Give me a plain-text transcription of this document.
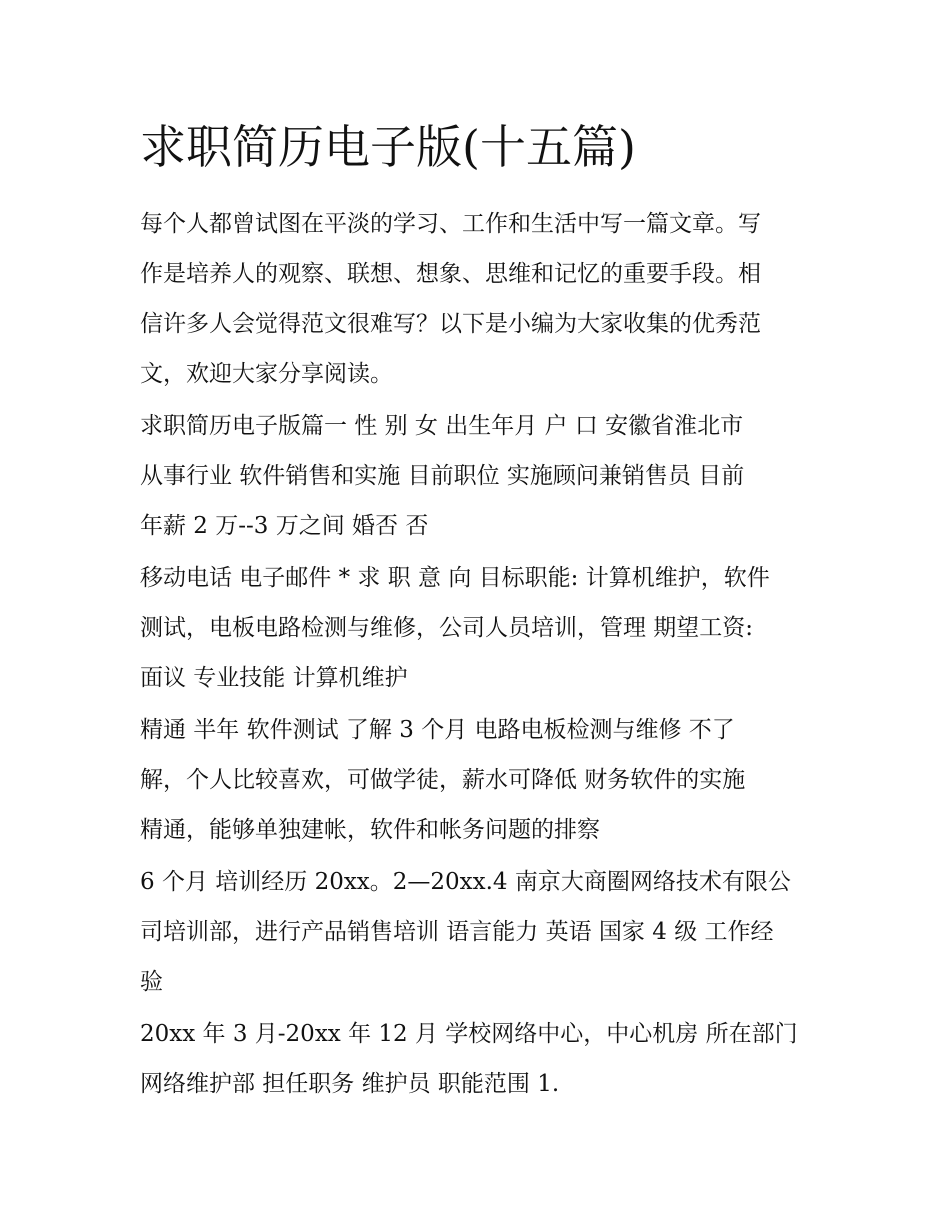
求职简历电子版(十五篇)

每个人都曾试图在平淡的学习、工作和生活中写一篇文章。写

作是培养人的观察、联想、想象、思维和记忆的重要手段。相

信许多人会觉得范文很难写？以下是小编为大家收集的优秀范

文，欢迎大家分享阅读。

求职简历电子版篇一 性 别 女 出生年月 户 口 安徽省淮北市

从事行业 软件销售和实施 目前职位 实施顾问兼销售员 目前

年薪 2 万--3 万之间 婚否 否

移动电话 电子邮件 * 求 职 意 向 目标职能: 计算机维护，软件

测试，电板电路检测与维修，公司人员培训，管理 期望工资:

面议 专业技能 计算机维护

精通 半年 软件测试 了解 3 个月 电路电板检测与维修 不了

解，个人比较喜欢，可做学徒，薪水可降低 财务软件的实施

精通，能够单独建帐，软件和帐务问题的排察

6 个月 培训经历 20xx。2—20xx.4 南京大商圈网络技术有限公

司培训部，进行产品销售培训 语言能力 英语 国家 4 级 工作经

验

20xx 年 3 月-20xx 年 12 月 学校网络中心，中心机房 所在部门

网络维护部 担任职务 维护员 职能范围 1.
